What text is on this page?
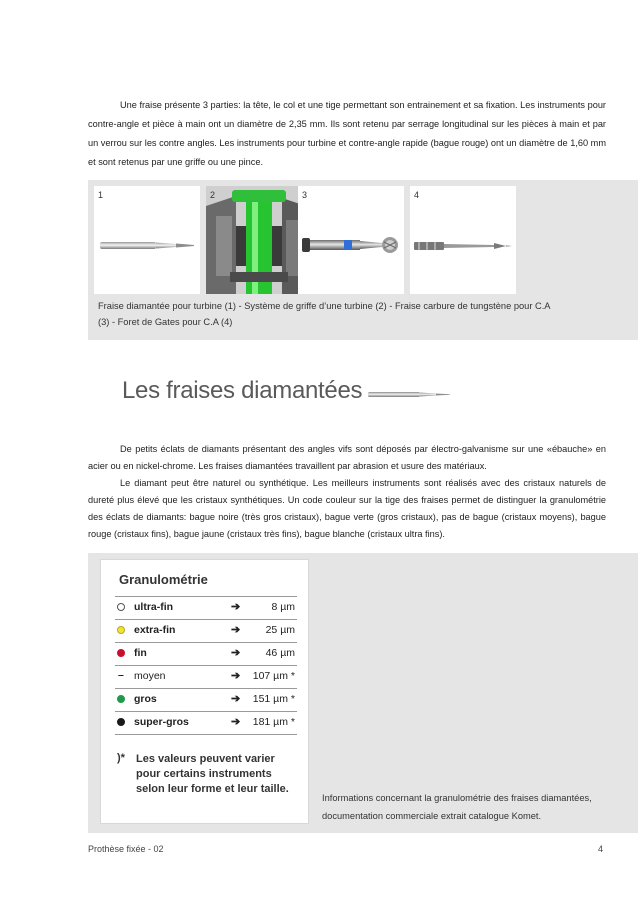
Une fraise présente 3 parties: la tête, le col et une tige permettant son entrainement et sa fixation. Les instruments pour contre-angle et pièce à main ont un diamètre de 2,35 mm. Ils sont retenu par serrage longitudinal sur les pièces à main et par un verrou sur les contre angles. Les instruments pour turbine et contre-angle rapide (bague rouge) ont un diamètre de 1,60 mm et sont retenus par une griffe ou une pince.

1	2	3	4
Fraise diamantée pour turbine (1) - Système de griffe d’une turbine (2) - Fraise carbure de tungstène pour C.A (3) - Foret de Gates pour C.A (4)
Les fraises diamantées

De petits éclats de diamants présentant des angles vifs sont déposés par électro-galvanisme sur une «ébauche» en acier ou en nickel-chrome. Les fraises diamantées travaillent par abrasion et usure des matériaux.

Le diamant peut être naturel ou synthétique. Les meilleurs instruments sont réalisés avec des cristaux naturels de dureté plus élevé que les cristaux synthétiques. Un code couleur sur la tige des fraises permet de distinguer la granulométrie des éclats de diamants: bague noire (très gros cristaux), bague verte (gros cristaux), pas de bague (cristaux moyens), bague rouge (cristaux fins), bague jaune (cristaux très fins), bague blanche (cristaux ultra fins).

Granulométrie
ultra-fin	➔	8 µm
extra-fin	➔ 25 µm
fin	➔ 46 µm
– moyen	➔ 107 µm *
gros	➔ 151 µm *
super-gros	➔ 181 µm *
)* Les valeurs peuvent varier pour certains instruments selon leur forme et leur taille.
Informations concernant la granulométrie des fraises diamantées, documentation commerciale extrait catalogue Komet.
Prothèse fixée - 02	4
